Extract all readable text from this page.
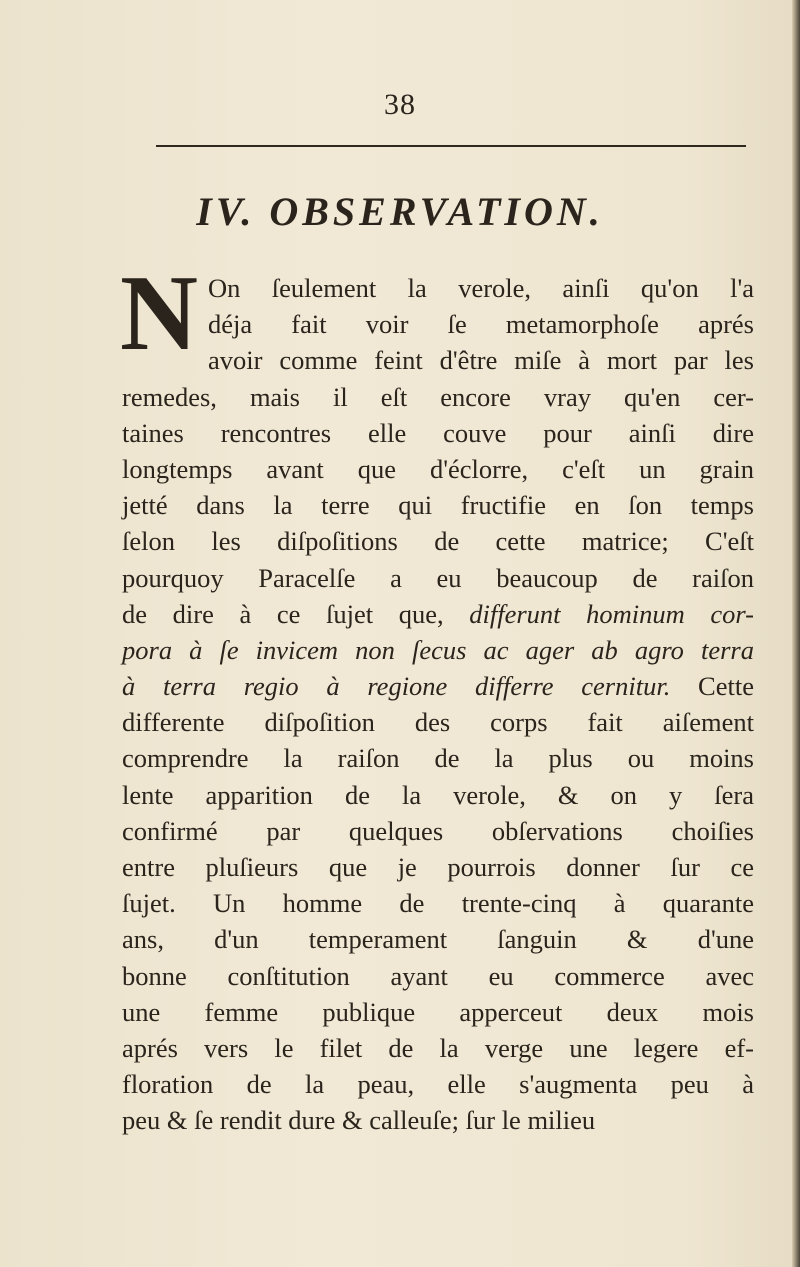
38
IV. OBSERVATION.
N On ſeulement la verole, ainſi qu'on l'a
déja fait voir ſe metamorphoſe aprés
avoir comme feint d'être miſe à mort par les
remedes, mais il eſt encore vray qu'en cer-
taines rencontres elle couve pour ainſi dire
longtemps avant que d'éclorre, c'eſt un grain
jetté dans la terre qui fructifie en ſon temps
ſelon les diſpoſitions de cette matrice; C'eſt
pourquoy Paracelſe a eu beaucoup de raiſon
de dire à ce ſujet que, differunt hominum cor-
pora à ſe invicem non ſecus ac ager ab agro terra
à terra regio à regione differre cernitur. Cette
differente diſpoſition des corps fait aiſement
comprendre la raiſon de la plus ou moins
lente apparition de la verole, & on y ſera
confirmé par quelques obſervations choiſies
entre pluſieurs que je pourrois donner ſur ce
ſujet. Un homme de trente-cinq à quarante
ans, d'un temperament ſanguin & d'une
bonne conſtitution ayant eu commerce avec
une femme publique apperceut deux mois
aprés vers le filet de la verge une legere ef-
floration de la peau, elle s'augmenta peu à
peu & ſe rendit dure & calleuſe; ſur le milieu
